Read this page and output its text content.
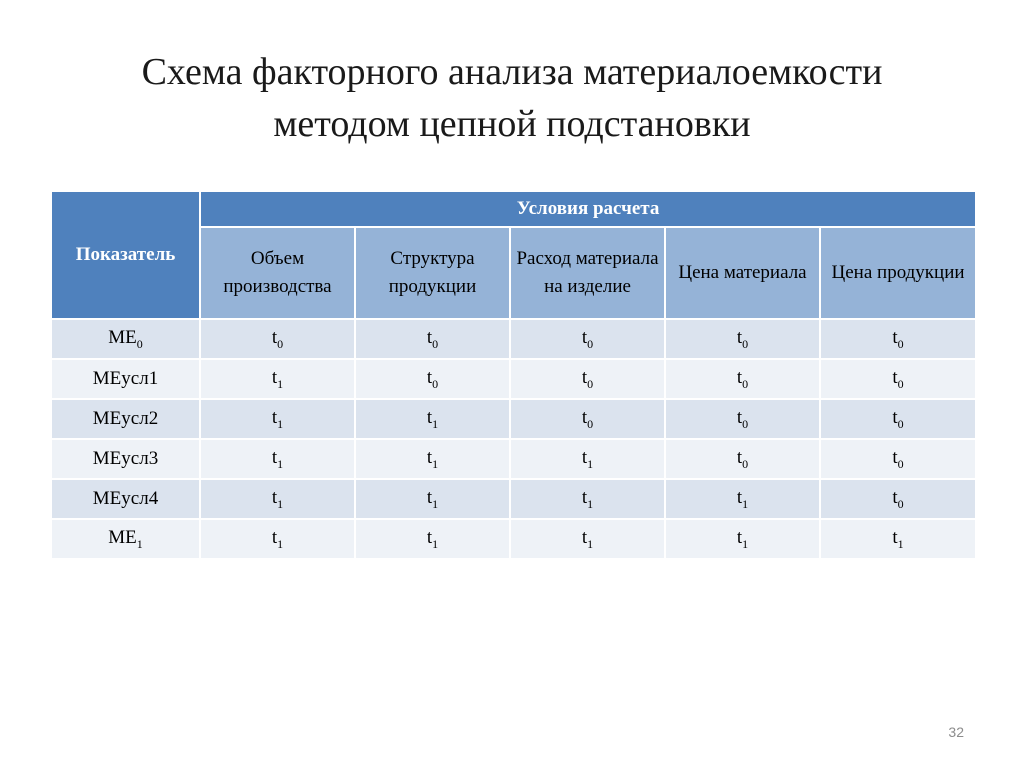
Схема факторного анализа материалоемкости
методом цепной подстановки
Показатель	Условия расчета				
	Объем производства	Структура продукции	Расход материала на изделие	Цена материала	Цена продукции
$ME_0$	$t_0$	$t_0$	$t_0$	$t_0$	$t_0$
MEусл1	$t_1$	$t_0$	$t_0$	$t_0$	$t_0$
MEусл2	$t_1$	$t_1$	$t_0$	$t_0$	$t_0$
MEусл3	$t_1$	$t_1$	$t_1$	$t_0$	$t_0$
MEусл4	$t_1$	$t_1$	$t_1$	$t_1$	$t_0$
$ME_1$	$t_1$	$t_1$	$t_1$	$t_1$	$t_1$
32
